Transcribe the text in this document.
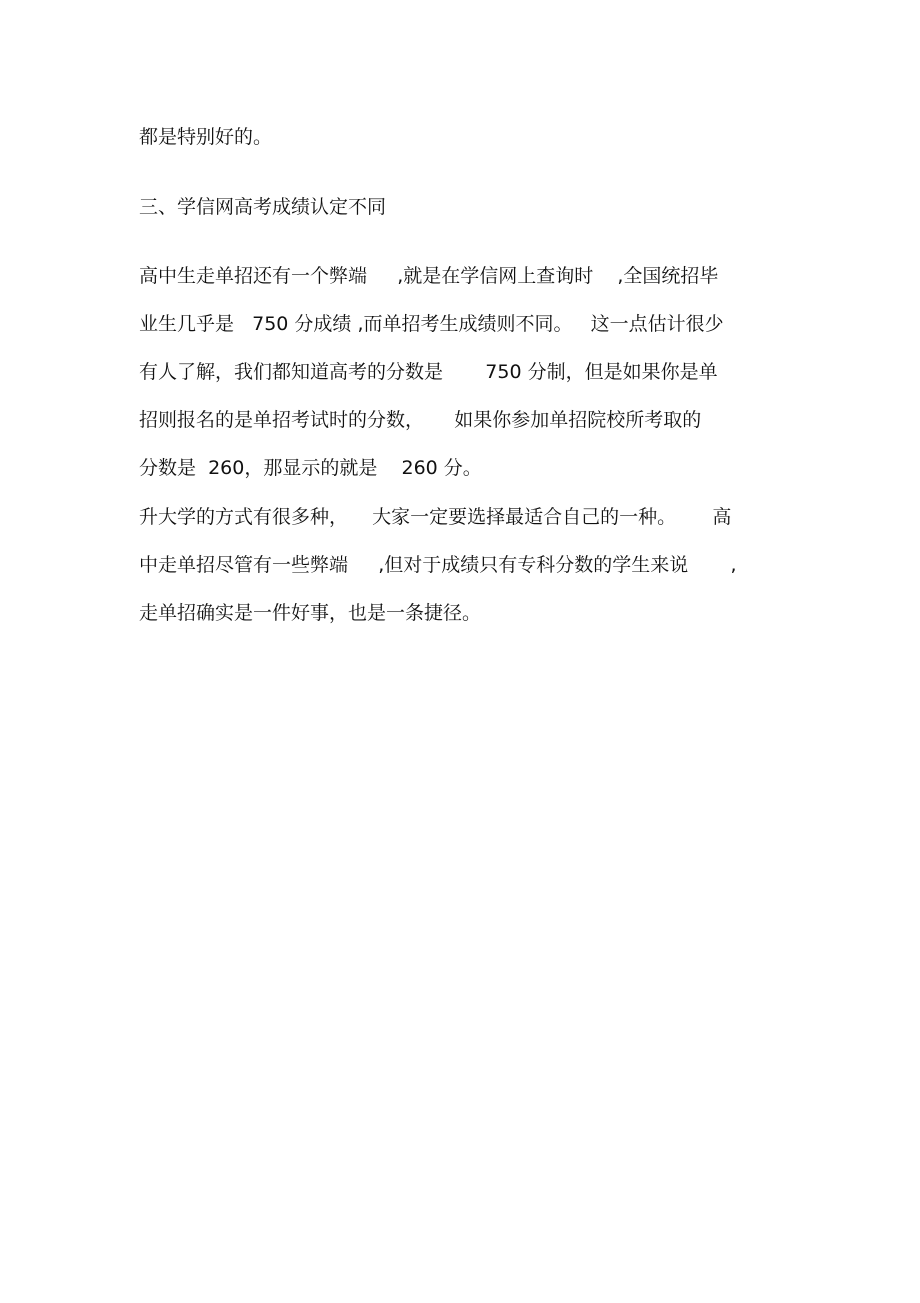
都是特别好的。
三、学信网高考成绩认定不同
高中生走单招还有一个弊端     ,就是在学信网上查询时    ,全国统招毕
业生几乎是   750 分成绩 ,而单招考生成绩则不同。   这一点估计很少
有人了解，我们都知道高考的分数是       750 分制，但是如果你是单
招则报名的是单招考试时的分数，     如果你参加单招院校所考取的
分数是  260，那显示的就是    260 分。
升大学的方式有很多种，    大家一定要选择最适合自己的一种。      高
中走单招尽管有一些弊端     ,但对于成绩只有专科分数的学生来说       ,
走单招确实是一件好事，也是一条捷径。
